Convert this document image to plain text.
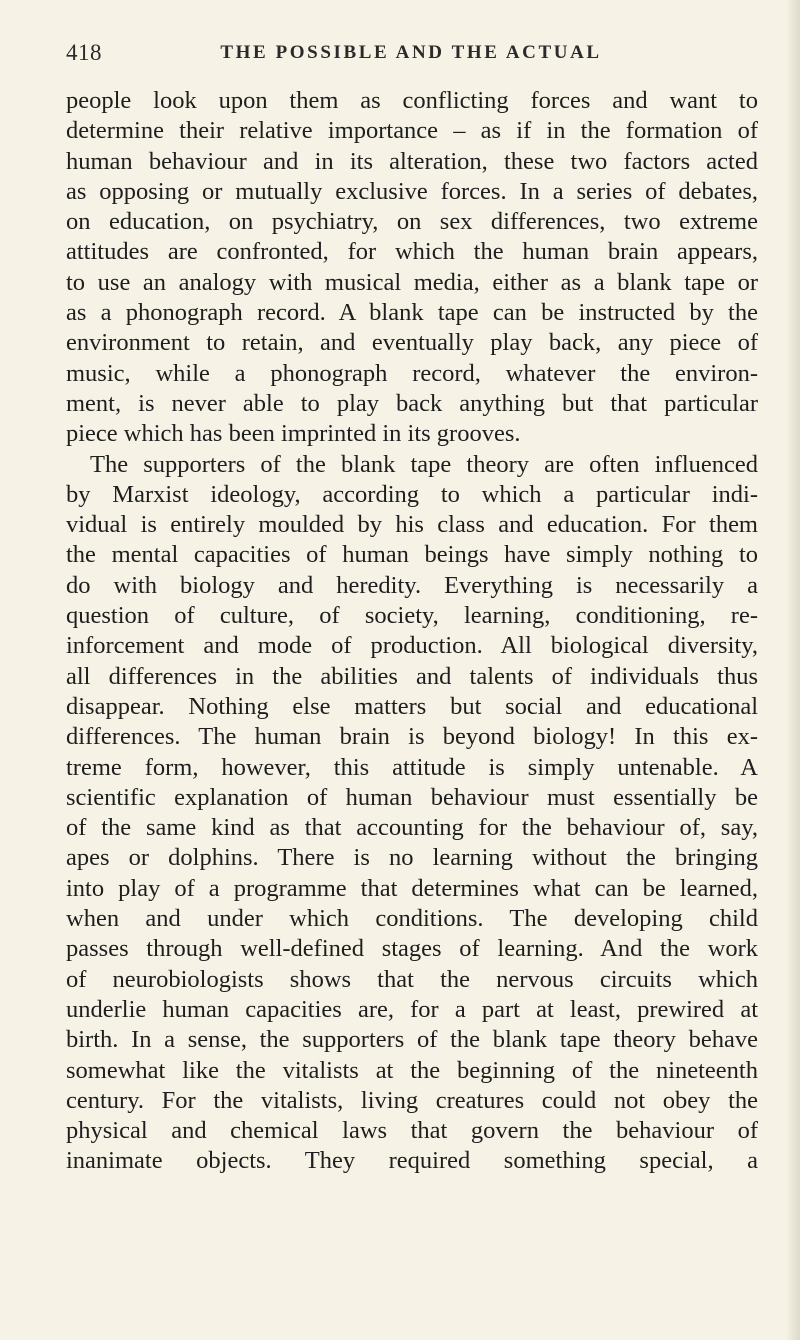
418	THE POSSIBLE AND THE ACTUAL
people look upon them as conflicting forces and want to
determine their relative importance – as if in the formation of
human behaviour and in its alteration, these two factors acted
as opposing or mutually exclusive forces. In a series of debates,
on education, on psychiatry, on sex differences, two extreme
attitudes are confronted, for which the human brain appears,
to use an analogy with musical media, either as a blank tape or
as a phonograph record. A blank tape can be instructed by the
environment to retain, and eventually play back, any piece of
music, while a phonograph record, whatever the environ-
ment, is never able to play back anything but that particular
piece which has been imprinted in its grooves.
The supporters of the blank tape theory are often influenced
by Marxist ideology, according to which a particular indi-
vidual is entirely moulded by his class and education. For them
the mental capacities of human beings have simply nothing to
do with biology and heredity. Everything is necessarily a
question of culture, of society, learning, conditioning, re-
inforcement and mode of production. All biological diversity,
all differences in the abilities and talents of individuals thus
disappear. Nothing else matters but social and educational
differences. The human brain is beyond biology! In this ex-
treme form, however, this attitude is simply untenable. A
scientific explanation of human behaviour must essentially be
of the same kind as that accounting for the behaviour of, say,
apes or dolphins. There is no learning without the bringing
into play of a programme that determines what can be learned,
when and under which conditions. The developing child
passes through well-defined stages of learning. And the work
of neurobiologists shows that the nervous circuits which
underlie human capacities are, for a part at least, prewired at
birth. In a sense, the supporters of the blank tape theory behave
somewhat like the vitalists at the beginning of the nineteenth
century. For the vitalists, living creatures could not obey the
physical and chemical laws that govern the behaviour of
inanimate objects. They required something special, a
